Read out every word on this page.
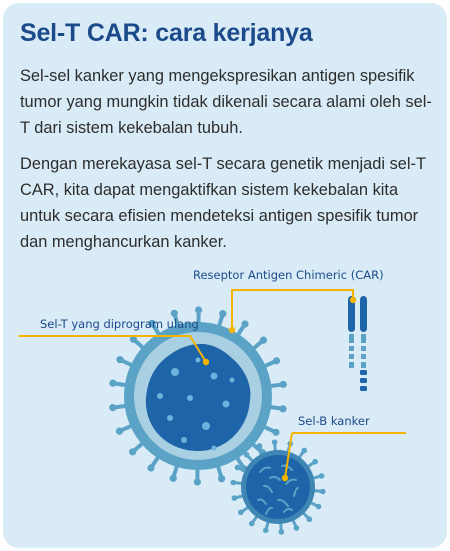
Sel-T CAR: cara kerjanya

Sel-sel kanker yang mengekspresikan antigen spesifik tumor yang mungkin tidak dikenali secara alami oleh sel-T dari sistem kekebalan tubuh.

Dengan merekayasa sel-T secara genetik menjadi sel-T CAR, kita dapat mengaktifkan sistem kekebalan kita untuk secara efisien mendeteksi antigen spesifik tumor dan menghancurkan kanker.

Reseptor Antigen Chimeric (CAR)
Sel-T yang diprogram ulang
Sel-B kanker
